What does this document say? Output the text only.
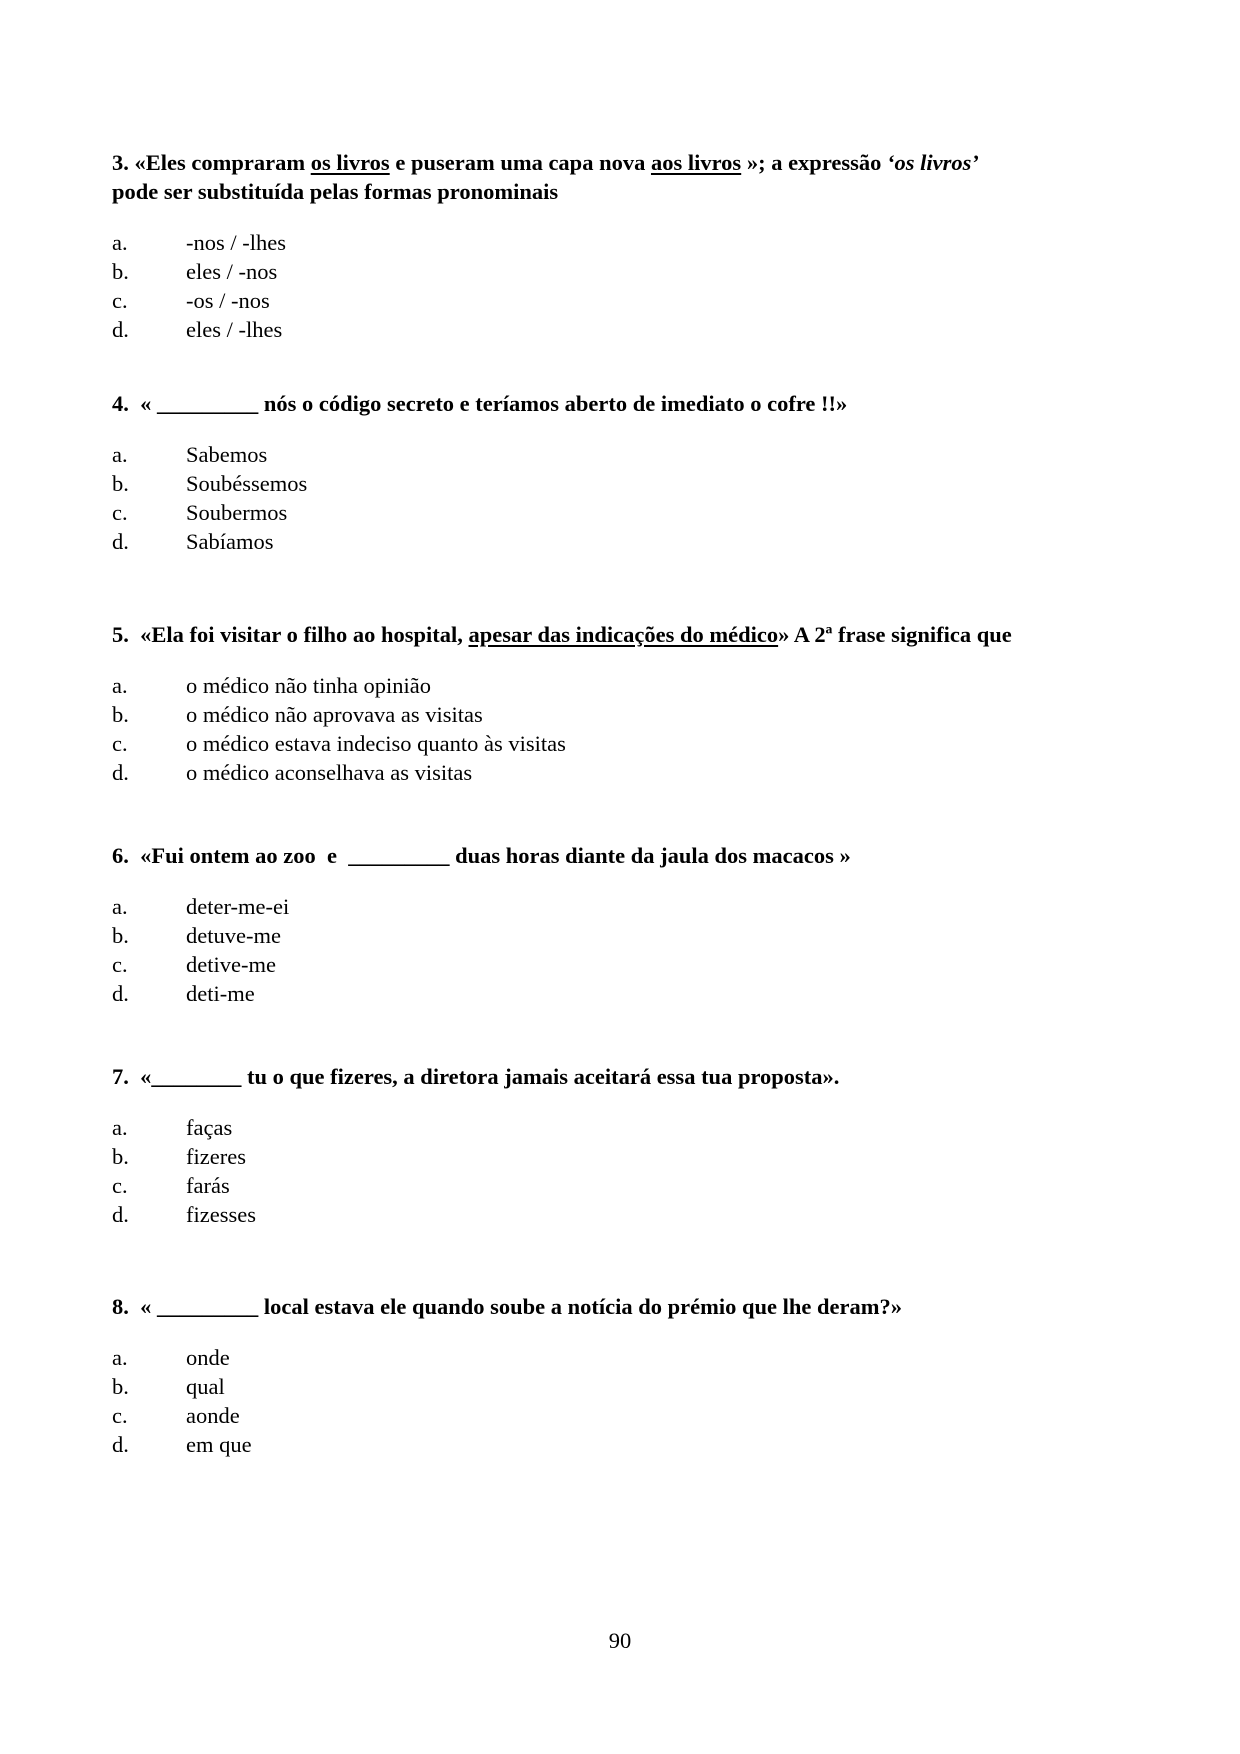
3. «Eles compraram os livros e puseram uma capa nova aos livros »; a expressão ‘os livros’
pode ser substituída pelas formas pronominais
a.	-nos / -lhes
b.	eles / -nos
c.	-os / -nos
d.	eles / -lhes
4.  « _________ nós o código secreto e teríamos aberto de imediato o cofre !!»
a.	Sabemos
b.	Soubéssemos
c.	Soubermos
d.	Sabíamos
5.  «Ela foi visitar o filho ao hospital, apesar das indicações do médico» A 2ª frase significa que
a.	o médico não tinha opinião
b.	o médico não aprovava as visitas
c.	o médico estava indeciso quanto às visitas
d.	o médico aconselhava as visitas
6.  «Fui ontem ao zoo  e  _________ duas horas diante da jaula dos macacos »
a.	deter-me-ei
b.	detuve-me
c.	detive-me
d.	deti-me
7.  «________ tu o que fizeres, a diretora jamais aceitará essa tua proposta».
a.	faças
b.	fizeres
c.	farás
d.	fizesses
8.  « _________ local estava ele quando soube a notícia do prémio que lhe deram?»
a.	onde
b.	qual
c.	aonde
d.	em que
90
